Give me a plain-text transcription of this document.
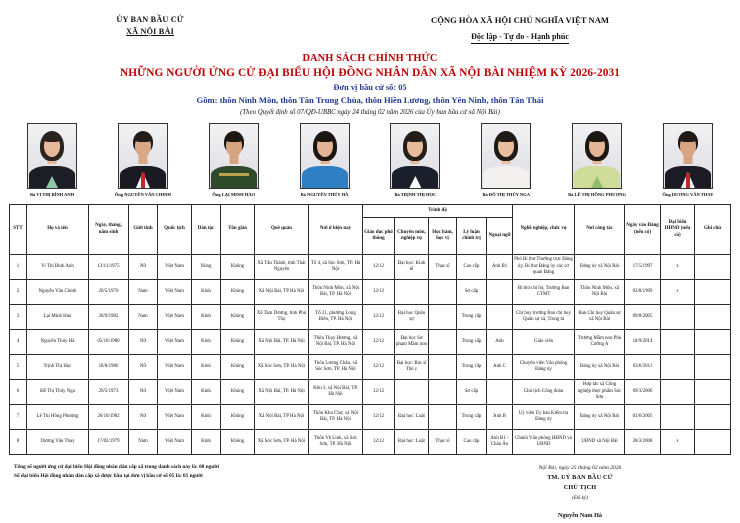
ỦY BAN BẦU CỬ
XÃ NỘI BÀI
CỘNG HÒA XÃ HỘI CHỦ NGHĨA VIỆT NAM
Độc lập - Tự do - Hạnh phúc
DANH SÁCH CHÍNH THỨC
NHỮNG NGƯỜI ỨNG CỬ ĐẠI BIỂU HỘI ĐỒNG NHÂN DÂN XÃ NỘI BÀI NHIỆM KỲ 2026-2031
Đơn vị bầu cử số: 05
Gồm: thôn Ninh Môn, thôn Tân Trung Chùa, thôn Hiền Lương, thôn Yên Ninh, thôn Tân Thái
(Theo Quyết định số 07/QĐ-UBBC ngày 24 tháng 02 năm 2026 của Ủy ban bầu cử xã Nội Bài)
Bà VI THỊ BÌNH ANH	Ông NGUYỄN VĂN CHINH	Ông LẠI MINH HẢO	Bà NGUYỄN THÚY HÀ	Bà TRỊNH THỊ HỌC	Bà ĐỖ THỊ THÚY NGA	Bà LÊ THỊ HỒNG PHƯỢNG	Ông DƯƠNG VĂN THAY
STT	Họ và tên	Ngày, tháng, năm sinh	Giới tính	Quốc tịch	Dân tộc	Tôn giáo	Quê quán	Nơi ở hiện nay	Trình độ					Nghề nghiệp, chức vụ	Nơi công tác	Ngày vào Đảng (nếu có)	Đại biểu HĐND (nếu có)	Ghi chú
									Giáo dục phổ thông	Chuyên môn, nghiệp vụ	Học hàm, học vị	Lý luận chính trị	Ngoại ngữ					
1	Vi Thị Bình Anh	13/11/1975	Nữ	Việt Nam	Nùng	Không	Xã Tân Thành, tỉnh Thái Nguyên	Tổ 4, xã Sóc Sơn, TP. Hà Nội	12/12	Đại học: Kinh tế	Thạc sĩ	Cao cấp	Anh B1	Phó Bí thư Thường trực Đảng ủy, Bí thư Đảng ủy các cơ quan Đảng	Đảng ủy xã Nội Bài	17/5/1997	x	
2	Nguyễn Văn Chinh	20/5/1970	Nam	Việt Nam	Kinh	Không	Xã Nội Bài, TP Hà Nội	Thôn Ninh Môn, xã Nội Bài, TP. Hà Nội	12/12			Sơ cấp		Bí thư chi bộ, Trưởng Ban CTMT	Thôn Ninh Môn, xã Nội Bài	03/8/1999	x	
3	Lại Minh Hảo	20/9/1982	Nam	Việt Nam	Kinh	Không	Xã Tam Dương, tỉnh Phú Thọ	Tổ 21, phường Long Biên, TP. Hà Nội	12/12	Đại học Quân sự		Trung cấp		Chỉ huy trưởng Ban chỉ huy Quân sự xã, Trung tá	Ban Chỉ huy Quân sự xã Nội Bài	09/8/2005		
4	Nguyễn Thúy Hà	05/10/1980	Nữ	Việt Nam	Kinh	Không	Xã Nội Bài, TP. Hà Nội	Thôn Thụy Hương, xã Nội Bài, TP. Hà Nội	12/12	Đại học Sư phạm Mầm non		Trung cấp	Anh	Giáo viên	Trường Mầm non Phù Cường A	18/9/2014		
5	Trịnh Thị Học	18/8/1986	Nữ	Việt Nam	Kinh	Không	Xã Sóc Sơn, TP. Hà Nội	Thôn Lương Châu, xã Sóc Sơn, TP. Hà Nội	12/12	Đại học: Bác sĩ Thú y		Trung cấp	Anh C	Chuyên viên Văn phòng Đảng ủy	Đảng ủy xã Nội Bài	03/6/2011		
6	Đỗ Thị Thúy Nga	29/5/1973	Nữ	Việt Nam	Kinh	Không	Xã Nội Bài, TP. Hà Nội	Khu 3, xã Nội Bài, TP. Hà Nội	12/12			Sơ cấp		Chủ tịch Công đoàn	Hợp tác xã Công nghiệp thực phẩm Sóc Sơn	09/3/2006		
7	Lê Thị Hồng Phượng	26/10/1982	Nữ	Việt Nam	Kinh	Không	Xã Nội Bài, TP Hà Nội	Thôn Khu Chợ, xã Nội Bài, TP. Hà Nội	12/12	Đại học: Luật		Trung cấp	Anh B	Uỷ viên Ủy ban Kiểm tra Đảng ủy	Đảng ủy xã Nội Bài	03/6/2005		
8	Dương Văn Thay	17/02/1979	Nam	Việt Nam	Kinh	Không	Xã Sóc Sơn, TP. Hà Nội	Thôn Vệ Linh, xã Sóc Sơn, TP. Hà Nội	12/12	Đại học: Luật	Thạc sĩ	Cao cấp	Anh B1 - Châu Âu	Chánh Văn phòng HĐND và UBND	UBND xã Nội Bài	28/3/2008	x	
Tổng số người ứng cử đại biểu Hội đồng nhân dân cấp xã trong danh sách này là: 08 người
Số đại biểu Hội đồng nhân dân cấp xã được bầu tại đơn vị bầu cử số 05 là: 05 người
Nội Bài, ngày 25 tháng 02 năm 2026
TM. UỶ BAN BẦU CỬ
CHỦ TỊCH
(Đã ký)
Nguyễn Nam Hà
